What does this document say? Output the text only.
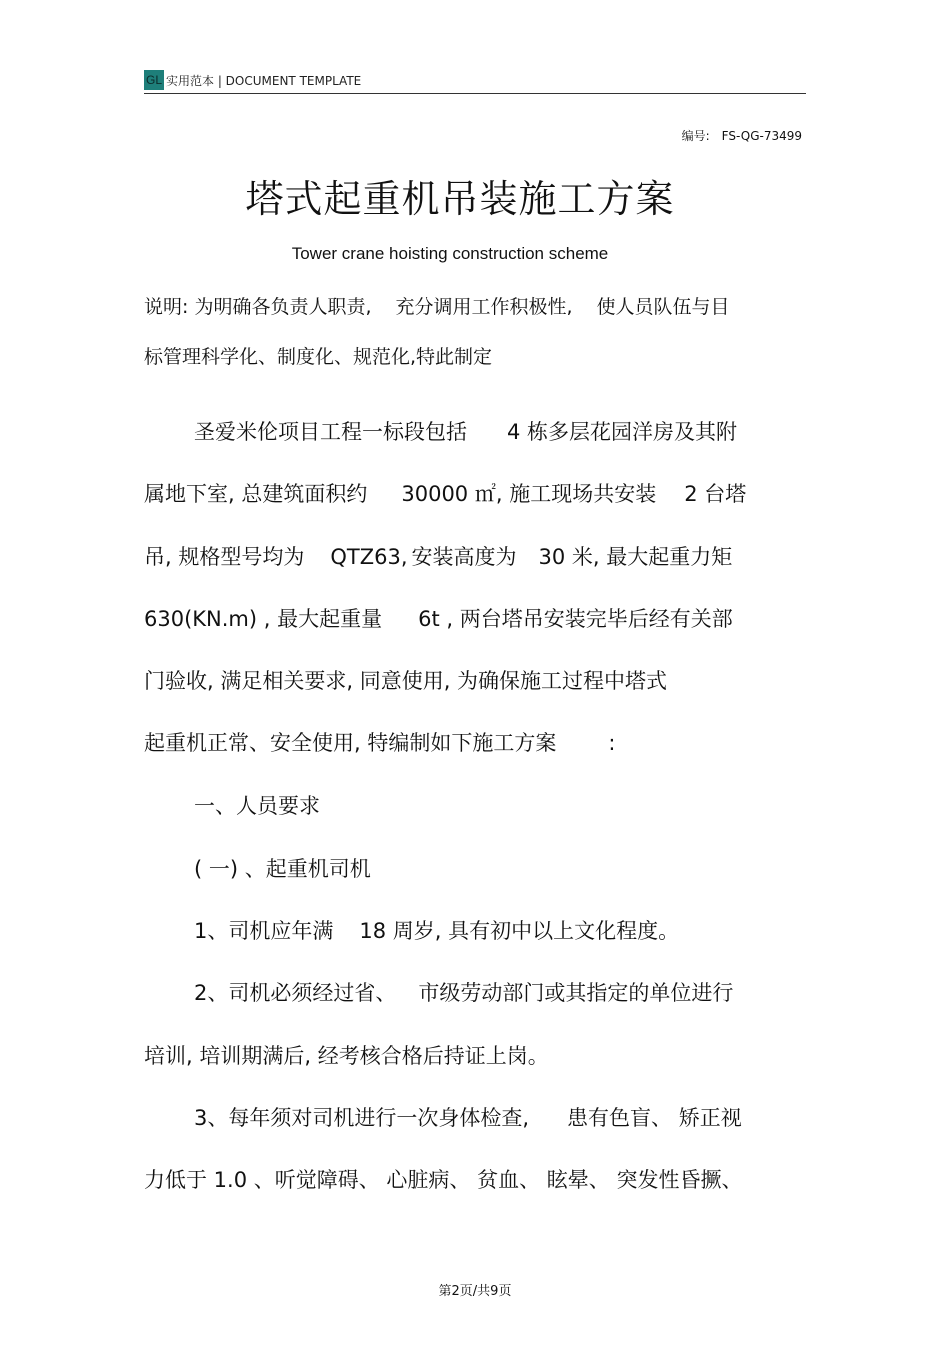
GL 实用范本 | DOCUMENT TEMPLATE
编号: FS-QG-73499
塔式起重机吊装施工方案
Tower crane hoisting construction scheme
说明: 为明确各负责人职责, 充分调用工作积极性, 使人员队伍与目
标管理科学化、制度化、规范化,特此制定
圣爱米伦项目工程一标段包括 4 栋多层花园洋房及其附
属地下室, 总建筑面积约 30000 ㎡, 施工现场共安装 2 台塔
吊, 规格型号均为 QTZ63, 安装高度为 30 米, 最大起重力矩
630(KN.m) , 最大起重量 6t , 两台塔吊安装完毕后经有关部
门验收, 满足相关要求, 同意使用, 为确保施工过程中塔式
起重机正常、安全使用, 特编制如下施工方案 :
一、人员要求
( 一) 、起重机司机
1、司机应年满 18 周岁, 具有初中以上文化程度。
2、司机必须经过省、 市级劳动部门或其指定的单位进行
培训, 培训期满后, 经考核合格后持证上岗。
3、每年须对司机进行一次身体检查, 患有色盲、 矫正视
力低于 1.0 、听觉障碍、 心脏病、 贫血、 眩晕、 突发性昏撅、
第2页/共9页
